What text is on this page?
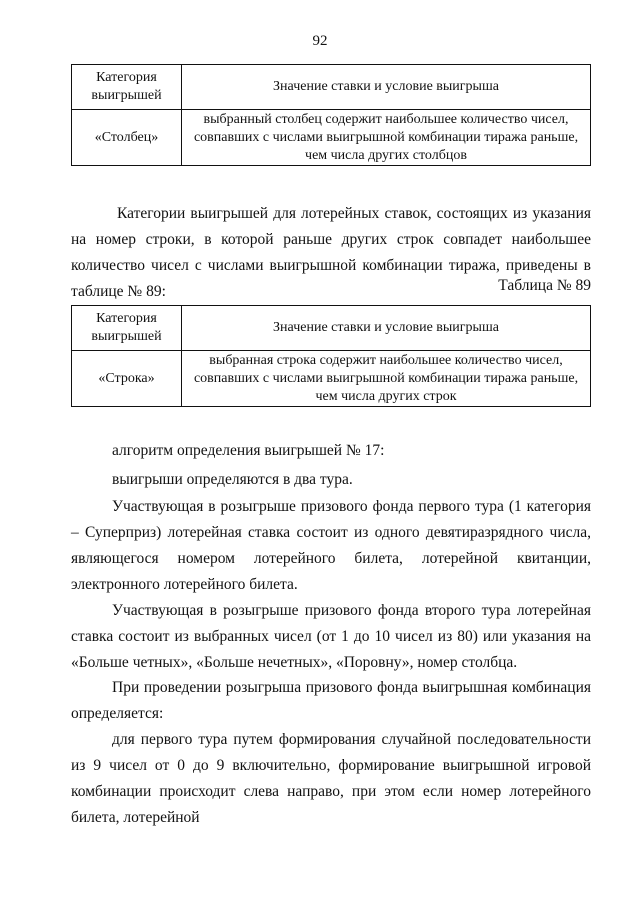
92
Категория выигрышей	Значение ставки и условие выигрыша
«Столбец»	выбранный столбец содержит наибольшее количество чисел, совпавших с числами выигрышной комбинации тиража раньше, чем числа других столбцов

Категории выигрышей для лотерейных ставок, состоящих из указания на номер строки, в которой раньше других строк совпадет наибольшее количество чисел с числами выигрышной комбинации тиража, приведены в таблице № 89:	Таблица № 89
Категория выигрышей	Значение ставки и условие выигрыша
«Строка»	выбранная строка содержит наибольшее количество чисел, совпавших с числами выигрышной комбинации тиража раньше, чем числа других строк

алгоритм определения выигрышей № 17:

выигрыши определяются в два тура.

Участвующая в розыгрыше призового фонда первого тура (1 категория – Суперприз) лотерейная ставка состоит из одного девятиразрядного числа, являющегося номером лотерейного билета, лотерейной квитанции, электронного лотерейного билета.

Участвующая в розыгрыше призового фонда второго тура лотерейная ставка состоит из выбранных чисел (от 1 до 10 чисел из 80) или указания на «Больше четных», «Больше нечетных», «Поровну», номер столбца.

При проведении розыгрыша призового фонда выигрышная комбинация определяется:

для первого тура путем формирования случайной последовательности из 9 чисел от 0 до 9 включительно, формирование выигрышной игровой комбинации происходит слева направо, при этом если номер лотерейного билета, лотерейной
